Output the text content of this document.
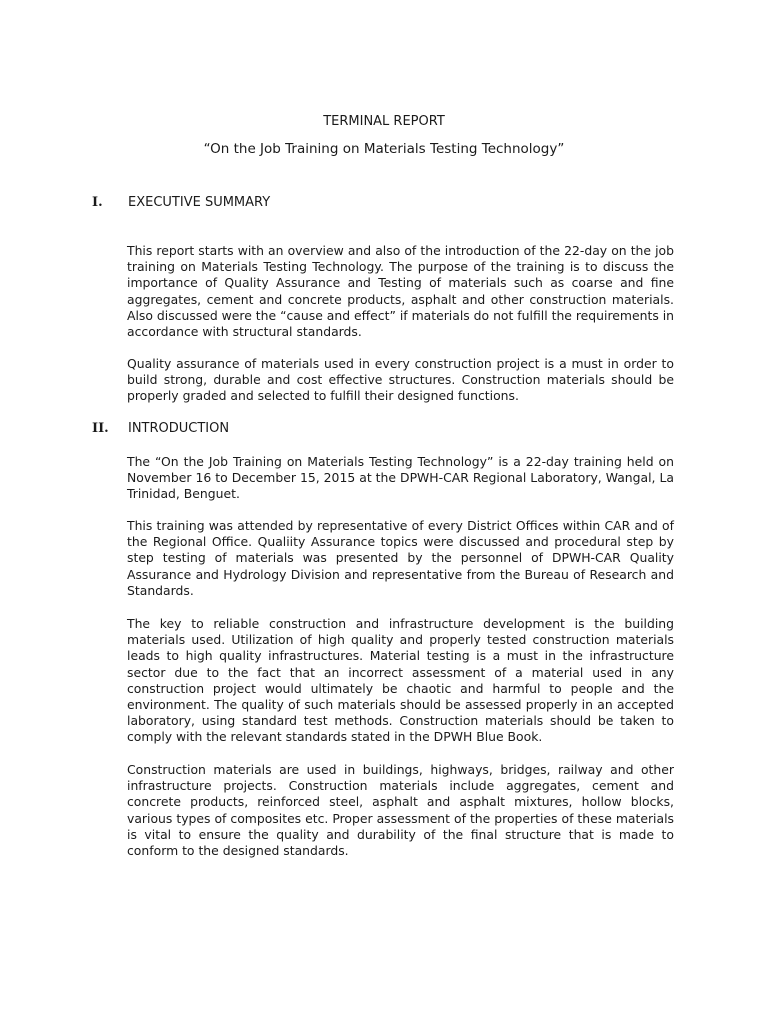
TERMINAL REPORT
“On the Job Training on Materials Testing Technology”
I.	EXECUTIVE SUMMARY

This report starts with an overview and also of the introduction of the 22-day on the job training on Materials Testing Technology. The purpose of the training is to discuss the importance of Quality Assurance and Testing of materials such as coarse and fine aggregates, cement and concrete products, asphalt and other construction materials. Also discussed were the “cause and effect” if materials do not fulfill the requirements in accordance with structural standards.

Quality assurance of materials used in every construction project is a must in order to build strong, durable and cost effective structures. Construction materials should be properly graded and selected to fulfill their designed functions.

II.	INTRODUCTION

The “On the Job Training on Materials Testing Technology” is a 22-day training held on November 16 to December 15, 2015 at the DPWH-CAR Regional Laboratory, Wangal, La Trinidad, Benguet.

This training was attended by representative of every District Offices within CAR and of the Regional Office. Qualiity Assurance topics were discussed and procedural step by step testing of materials was presented by the personnel of DPWH-CAR Quality Assurance and Hydrology Division and representative from the Bureau of Research and Standards.

The key to reliable construction and infrastructure development is the building materials used. Utilization of high quality and properly tested construction materials leads to high quality infrastructures. Material testing is a must in the infrastructure sector due to the fact that an incorrect assessment of a material used in any construction project would ultimately be chaotic and harmful to people and the environment. The quality of such materials should be assessed properly in an accepted laboratory, using standard test methods. Construction materials should be taken to comply with the relevant standards stated in the DPWH Blue Book.

Construction materials are used in buildings, highways, bridges, railway and other infrastructure projects. Construction materials include aggregates, cement and concrete products, reinforced steel, asphalt and asphalt mixtures, hollow blocks, various types of composites etc. Proper assessment of the properties of these materials is vital to ensure the quality and durability of the final structure that is made to conform to the designed standards.
